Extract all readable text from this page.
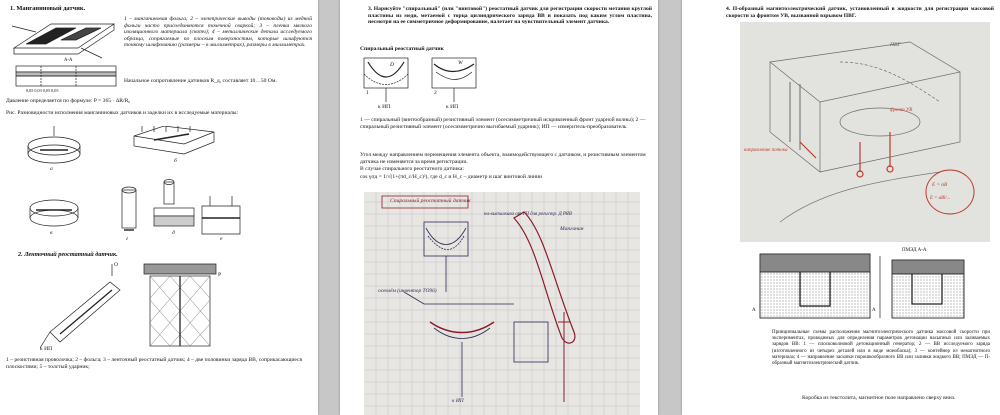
1. Манганиновый датчик.
А-А
0,05 0,03 0,05 0,05
1 – манганиновая фольга; 2 – электрические выводы (тоководы) из медной фольги часто присоединяются точечной сваркой; 3 – пленка мягкого изоляционного материала (скотч); 4 – металлические детали исследуемого образца, сопрягаемые по плоским поверхностям, которые шлифуются тонкому шлифованию (размеры – в миллиметрах), размеры в миллиметрах.
Начальное сопротивление датчиков R_д, составляет 10…50 Ом.
Давление определяется по формуле: P = 365 · ΔR/R₀
Рис. Разновидности исполнения манганиновых датчиков и заделки их в исследуемые материалы:
a
б
в
г
д
е
2. Ленточный реостатный датчик.
O
к ИП
P
1 – резистивная проволочка; 2 – фольга; 3 – ленточный реостатный датчик; 4 – две половинки заряда ВВ, соприкасающиеся плоскостями; 5 – толстый ударник;
3. Нарисуйте "спиральный" (или "винтовой") реостатный датчик для регистрации скорости метания круглой пластины из меди, метаемой с торца цилиндрического заряда ВВ и показать под каким углом пластина, несмотря на ее симметричное деформирование, налетает на чувствительный элемент датчика.
Спиральный реостатный датчик
к ИП	к ИП
D	W
1	2
1 — спиральный (винтообразный) резистивный элемент (осесимметричный искривленный фронт ударной волны); 2 — спиральный резистивный элемент (осесимметрично выгибаемый ударник); ИП — измеритель-преобразователь
Угол между направлением перемещения элемента объекта, взаимодействующего с датчиком, и резистивным элементом датчика не изменяется за время регистрации.
В случае спирального реостатного датчика:
cos γσд = 1/√(1+(πd_c/H_c)²), где d_c и H_c – диаметр и шаг винтовой линии
Спиральный реостатный датчик
на-выталкива от ГЧ для регистр. Д РЯВ
Манганин
осевлём (инвентор ТО96)
к ИП
4. П-образный магнитоэлектрический датчик, установленный в жидкости для регистрации массовой скорости за фронтом УВ, вызванной взрывом ПВГ.
ПВГ
фронт УВ
направление потока
E = αВ
E = αBl/...
ПМЭД А-А
А	А
Принципиальные схемы расположения магнитоэлектрического датчика массовой скорости при экспериментах, проводимых для определения параметров детонации насыпных или заливаемых зарядов ВВ: 1 — плосковолновой детонационный генератор; 2 — ВВ исследуемого заряда (изготовленного из четырех деталей или в виде монобаска); 3 — контейнер из немагнитного материала; 4 — направление засыпки порошкообразного ВВ или заливки жидкого ВВ; ПМЭД — П-образный магнитоэлектрический датчик.
Коробка из текстолита, магнитное поле направлено сверху вниз.
